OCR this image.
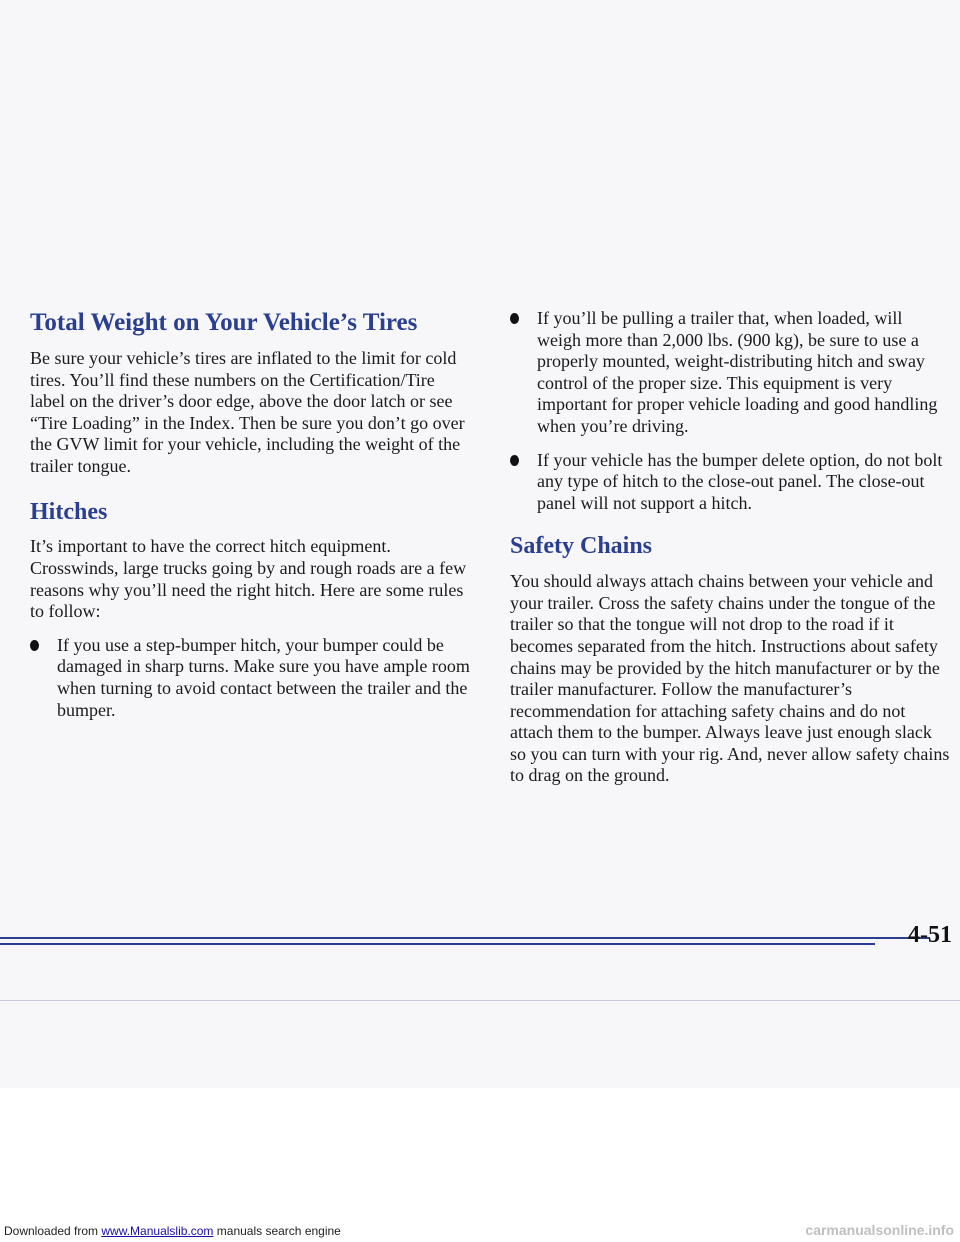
Total Weight on Your Vehicle’s Tires

Be sure your vehicle’s tires are inflated to the limit for cold tires. You’ll find these numbers on the Certification/Tire label on the driver’s door edge, above the door latch or see “Tire Loading” in the Index. Then be sure you don’t go over the GVW limit for your vehicle, including the weight of the trailer tongue.

Hitches

It’s important to have the correct hitch equipment. Crosswinds, large trucks going by and rough roads are a few reasons why you’ll need the right hitch. Here are some rules to follow:

If you use a step-bumper hitch, your bumper could be damaged in sharp turns. Make sure you have ample room when turning to avoid contact between the trailer and the bumper.
If you’ll be pulling a trailer that, when loaded, will weigh more than 2,000 lbs. (900 kg), be sure to use a properly mounted, weight-distributing hitch and sway control of the proper size. This equipment is very important for proper vehicle loading and good handling when you’re driving.
If your vehicle has the bumper delete option, do not bolt any type of hitch to the close-out panel. The close-out panel will not support a hitch.
Safety Chains

You should always attach chains between your vehicle and your trailer. Cross the safety chains under the tongue of the trailer so that the tongue will not drop to the road if it becomes separated from the hitch. Instructions about safety chains may be provided by the hitch manufacturer or by the trailer manufacturer. Follow the manufacturer’s recommendation for attaching safety chains and do not attach them to the bumper. Always leave just enough slack so you can turn with your rig. And, never allow safety chains to drag on the ground.

4-51
Downloaded from www.Manualslib.com manuals search engine	carmanualsonline.info
